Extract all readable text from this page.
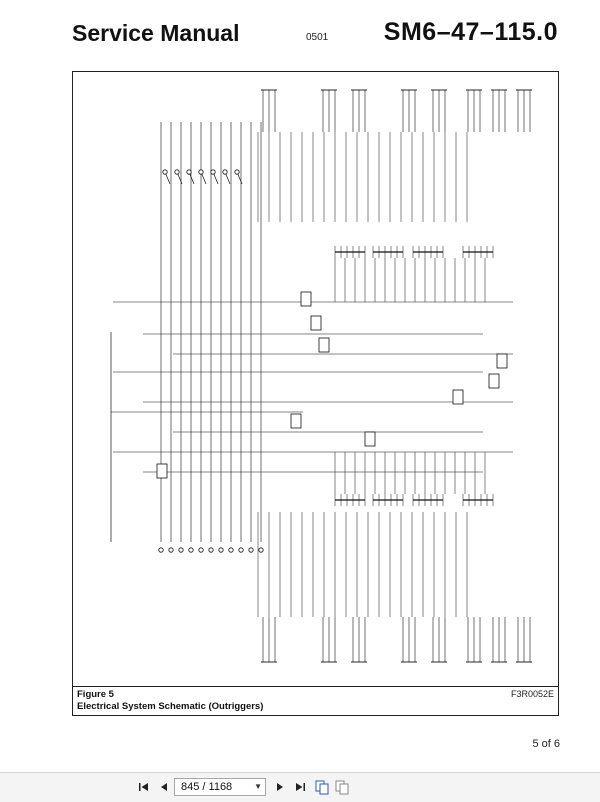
Service Manual	0501 SM6–47–115.0
Figure 5
Electrical System Schematic (Outriggers)
F3R0052E
5 of 6
845 / 1168	▼
